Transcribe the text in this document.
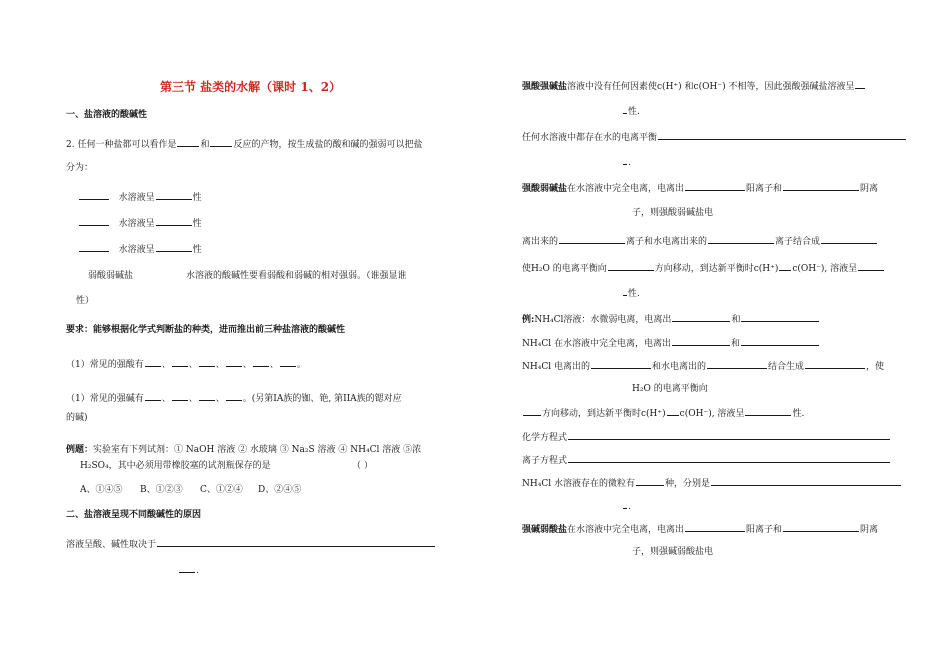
第三节 盐类的水解（课时 1、2）
一、盐溶液的酸碱性
2. 任何一种盐都可以看作是	和	反应的产物，按生成盐的酸和碱的强弱可以把盐
分为：
水溶液呈	性
水溶液呈	性
水溶液呈	性
弱酸弱碱盐	水溶液的酸碱性要看弱酸和弱碱的相对强弱。（谁强显谁
性）
要求：能够根据化学式判断盐的种类，进而推出前三种盐溶液的酸碱性
（1）常见的强酸有 、 、 、 、 、 。
（1）常见的强碱有 、 、 、 。(另第IA族的铷、铯, 第IIA族的锶对应
的碱)
例题：实验室有下列试剂：① NaOH 溶液 ② 水玻璃 ③ Na₂S 溶液 ④ NH₄Cl 溶液 ⑤浓
H₂SO₄，其中必须用带橡胶塞的试剂瓶保存的是	（ ）
A、①④⑤ B、①②③ C、①②④ D、②④⑤
二、盐溶液呈现不同酸碱性的原因
溶液呈酸、碱性取决于
.
强酸强碱盐溶液中没有任何因素使c(H⁺) 和c(OH⁻) 不相等，因此强酸强碱盐溶液呈
性.
任何水溶液中都存在水的电离平衡
.
强酸弱碱盐在水溶液中完全电离，电离出	阳离子和	阴离
子，则强酸弱碱盐电
离出来的	离子和水电离出来的	离子结合成
使H₂O 的电离平衡向	方向移动，到达新平衡时c(H⁺) c(OH⁻), 溶液呈
性.
例:NH₄Cl溶液：水微弱电离，电离出	和
NH₄Cl 在水溶液中完全电离，电离出	和
NH₄Cl 电离出的	和水电离出的	结合生成	，使
H₂O 的电离平衡向
方向移动，到达新平衡时c(H⁺) c(OH⁻), 溶液呈	性.
化学方程式
离子方程式
NH₄Cl 水溶液存在的微粒有	种，分别是
.
强碱弱酸盐在水溶液中完全电离，电离出	阳离子和	阴离
子，则强碱弱酸盐电
